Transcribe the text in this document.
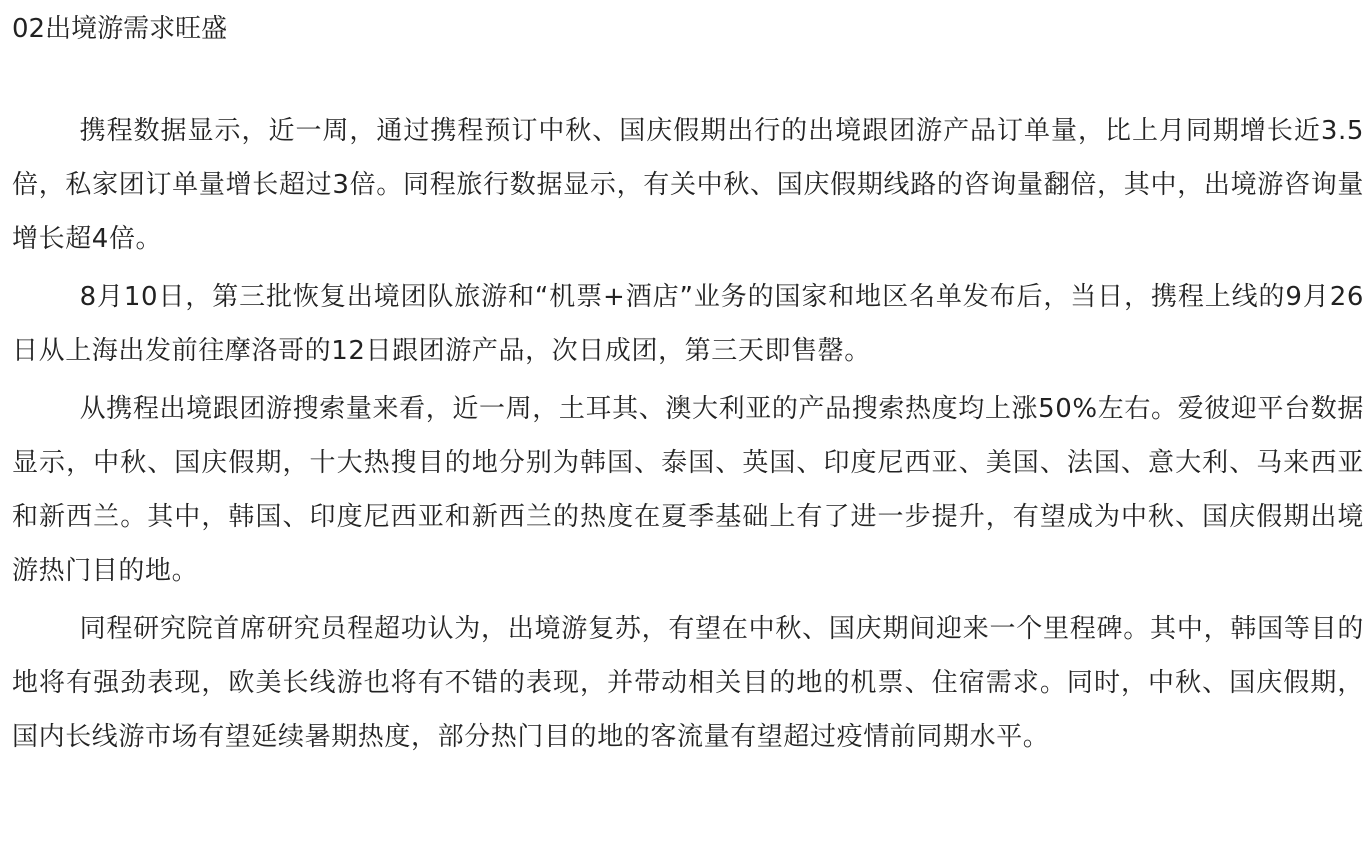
02出境游需求旺盛

携程数据显示，近一周，通过携程预订中秋、国庆假期出行的出境跟团游产品订单量，比上月同期增长近3.5倍，私家团订单量增长超过3倍。同程旅行数据显示，有关中秋、国庆假期线路的咨询量翻倍，其中，出境游咨询量增长超4倍。

8月10日，第三批恢复出境团队旅游和“机票+酒店”业务的国家和地区名单发布后，当日，携程上线的9月26日从上海出发前往摩洛哥的12日跟团游产品，次日成团，第三天即售罄。

从携程出境跟团游搜索量来看，近一周，土耳其、澳大利亚的产品搜索热度均上涨50%左右。爱彼迎平台数据显示，中秋、国庆假期，十大热搜目的地分别为韩国、泰国、英国、印度尼西亚、美国、法国、意大利、马来西亚和新西兰。其中，韩国、印度尼西亚和新西兰的热度在夏季基础上有了进一步提升，有望成为中秋、国庆假期出境游热门目的地。

同程研究院首席研究员程超功认为，出境游复苏，有望在中秋、国庆期间迎来一个里程碑。其中，韩国等目的地将有强劲表现，欧美长线游也将有不错的表现，并带动相关目的地的机票、住宿需求。同时，中秋、国庆假期，国内长线游市场有望延续暑期热度，部分热门目的地的客流量有望超过疫情前同期水平。
